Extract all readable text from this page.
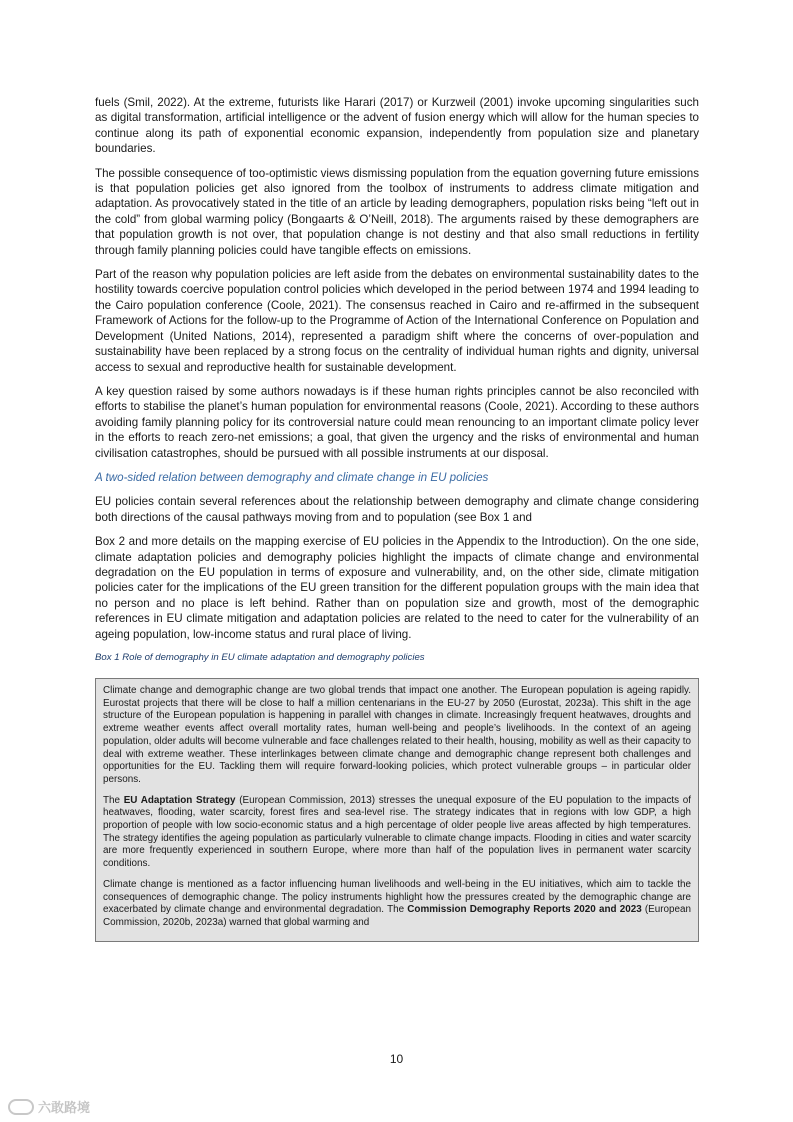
fuels (Smil, 2022). At the extreme, futurists like Harari (2017) or Kurzweil (2001) invoke upcoming singularities such as digital transformation, artificial intelligence or the advent of fusion energy which will allow for the human species to continue along its path of exponential economic expansion, independently from population size and planetary boundaries.

The possible consequence of too-optimistic views dismissing population from the equation governing future emissions is that population policies get also ignored from the toolbox of instruments to address climate mitigation and adaptation. As provocatively stated in the title of an article by leading demographers, population risks being “left out in the cold” from global warming policy (Bongaarts & O’Neill, 2018). The arguments raised by these demographers are that population growth is not over, that population change is not destiny and that also small reductions in fertility through family planning policies could have tangible effects on emissions.

Part of the reason why population policies are left aside from the debates on environmental sustainability dates to the hostility towards coercive population control policies which developed in the period between 1974 and 1994 leading to the Cairo population conference (Coole, 2021). The consensus reached in Cairo and re-affirmed in the subsequent Framework of Actions for the follow-up to the Programme of Action of the International Conference on Population and Development (United Nations, 2014), represented a paradigm shift where the concerns of over-population and sustainability have been replaced by a strong focus on the centrality of individual human rights and dignity, universal access to sexual and reproductive health for sustainable development.

A key question raised by some authors nowadays is if these human rights principles cannot be also reconciled with efforts to stabilise the planet’s human population for environmental reasons (Coole, 2021). According to these authors avoiding family planning policy for its controversial nature could mean renouncing to an important climate policy lever in the efforts to reach zero-net emissions; a goal, that given the urgency and the risks of environmental and human civilisation catastrophes, should be pursued with all possible instruments at our disposal.

A two-sided relation between demography and climate change in EU policies

EU policies contain several references about the relationship between demography and climate change considering both directions of the causal pathways moving from and to population (see Box 1 and

Box 2 and more details on the mapping exercise of EU policies in the Appendix to the Introduction). On the one side, climate adaptation policies and demography policies highlight the impacts of climate change and environmental degradation on the EU population in terms of exposure and vulnerability, and, on the other side, climate mitigation policies cater for the implications of the EU green transition for the different population groups with the main idea that no person and no place is left behind. Rather than on population size and growth, most of the demographic references in EU climate mitigation and adaptation policies are related to the need to cater for the vulnerability of an ageing population, low-income status and rural place of living.

Box 1 Role of demography in EU climate adaptation and demography policies

Climate change and demographic change are two global trends that impact one another. The European population is ageing rapidly. Eurostat projects that there will be close to half a million centenarians in the EU-27 by 2050 (Eurostat, 2023a). This shift in the age structure of the European population is happening in parallel with changes in climate. Increasingly frequent heatwaves, droughts and extreme weather events affect overall mortality rates, human well-being and people’s livelihoods. In the context of an ageing population, older adults will become vulnerable and face challenges related to their health, housing, mobility as well as their capacity to deal with extreme weather. These interlinkages between climate change and demographic change represent both challenges and opportunities for the EU. Tackling them will require forward-looking policies, which protect vulnerable groups – in particular older persons.

The EU Adaptation Strategy (European Commission, 2013) stresses the unequal exposure of the EU population to the impacts of heatwaves, flooding, water scarcity, forest fires and sea-level rise. The strategy indicates that in regions with low GDP, a high proportion of people with low socio-economic status and a high percentage of older people live areas affected by high temperatures. The strategy identifies the ageing population as particularly vulnerable to climate change impacts. Flooding in cities and water scarcity are more frequently experienced in southern Europe, where more than half of the population lives in permanent water scarcity conditions.

Climate change is mentioned as a factor influencing human livelihoods and well-being in the EU initiatives, which aim to tackle the consequences of demographic change. The policy instruments highlight how the pressures created by the demographic change are exacerbated by climate change and environmental degradation. The Commission Demography Reports 2020 and 2023 (European Commission, 2020b, 2023a) warned that global warming and

10
六敢路境
